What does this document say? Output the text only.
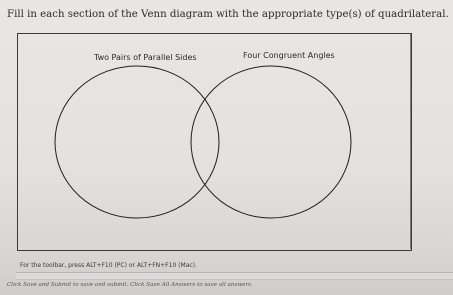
Fill in each section of the Venn diagram with the appropriate type(s) of quadrilateral.
Two Pairs of Parallel Sides	Four Congruent Angles
For the toolbar, press ALT+F10 (PC) or ALT+FN+F10 (Mac).
Click Save and Submit to save and submit. Click Save All Answers to save all answers.
